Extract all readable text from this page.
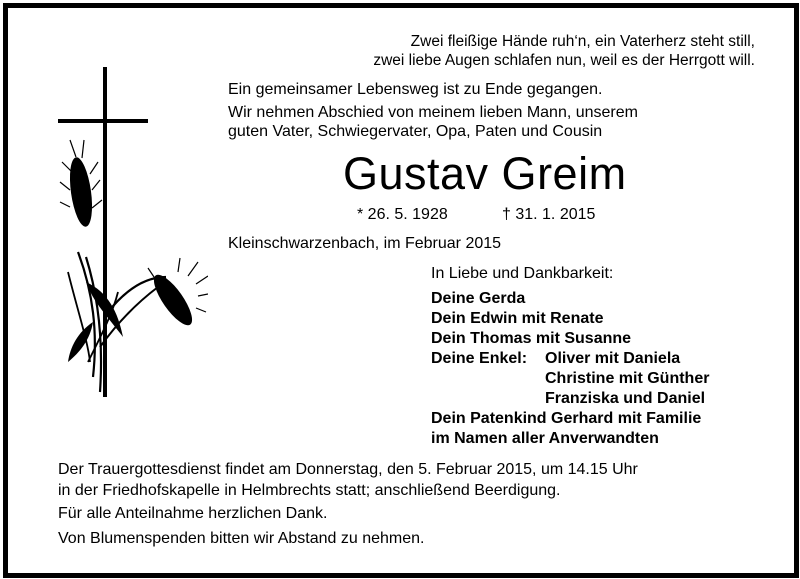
Zwei fleißige Hände ruh‘n, ein Vaterherz steht still,
zwei liebe Augen schlafen nun, weil es der Herrgott will.
Ein gemeinsamer Lebensweg ist zu Ende gegangen.
Wir nehmen Abschied von meinem lieben Mann, unserem
guten Vater, Schwiegervater, Opa, Paten und Cousin
Gustav Greim
* 26. 5. 1928	† 31. 1. 2015
Kleinschwarzenbach, im Februar 2015
In Liebe und Dankbarkeit:
Deine Gerda
Dein Edwin mit Renate
Dein Thomas mit Susanne
Deine Enkel: Oliver mit Daniela
Christine mit Günther
Franziska und Daniel
Dein Patenkind Gerhard mit Familie
im Namen aller Anverwandten
Der Trauergottesdienst findet am Donnerstag, den 5. Februar 2015, um 14.15 Uhr
in der Friedhofskapelle in Helmbrechts statt; anschließend Beerdigung.
Für alle Anteilnahme herzlichen Dank.
Von Blumenspenden bitten wir Abstand zu nehmen.
